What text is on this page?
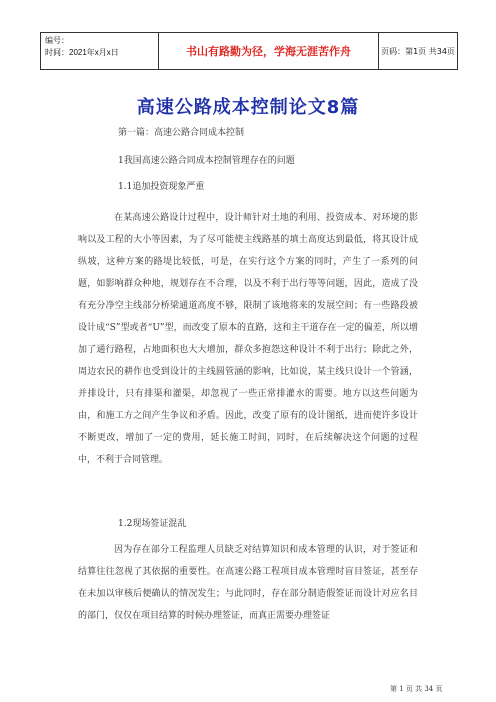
编号：
时间：2021年x月x日	书山有路勤为径，学海无涯苦作舟	页码：第1页 共34页
高速公路成本控制论文8篇
第一篇：高速公路合同成本控制
1我国高速公路合同成本控制管理存在的问题
1.1追加投资现象严重
在某高速公路设计过程中，设计师针对土地的利用、投资成本、对环境的影响以及工程的大小等因素，为了尽可能使主线路基的填土高度达到最低，将其设计成纵坡，这种方案的路堤比较低，可是，在实行这个方案的同时，产生了一系列的问题，如影响群众种地，规划存在不合理，以及不利于出行等等问题，因此，造成了没有充分净空主线部分桥梁通道高度不够，限制了该地将来的发展空间；有一些路段被设计成“S”型或者“U”型，而改变了原本的直路，这和主干道存在一定的偏差，所以增加了通行路程，占地面积也大大增加，群众多抱怨这种设计不利于出行；除此之外，周边农民的耕作也受到设计的主线圆管涵的影响，比如说，某主线只设计一个管涵，并排设计，只有排渠和灌渠，却忽视了一些正常排灌水的需要。地方以这些问题为由，和施工方之间产生争议和矛盾。因此，改变了原有的设计图纸，进而使许多设计不断更改，增加了一定的费用，延长施工时间，同时，在后续解决这个问题的过程中，不利于合同管理。
1.2现场签证混乱
因为存在部分工程监理人员缺乏对结算知识和成本管理的认识，对于签证和结算往往忽视了其依据的重要性。在高速公路工程项目成本管理时盲目签证，甚至存在未加以审核后便确认的情况发生；与此同时，存在部分制造假签证而设计对应名目的部门，仅仅在项目结算的时候办理签证，而真正需要办理签证
第 1 页 共 34 页
